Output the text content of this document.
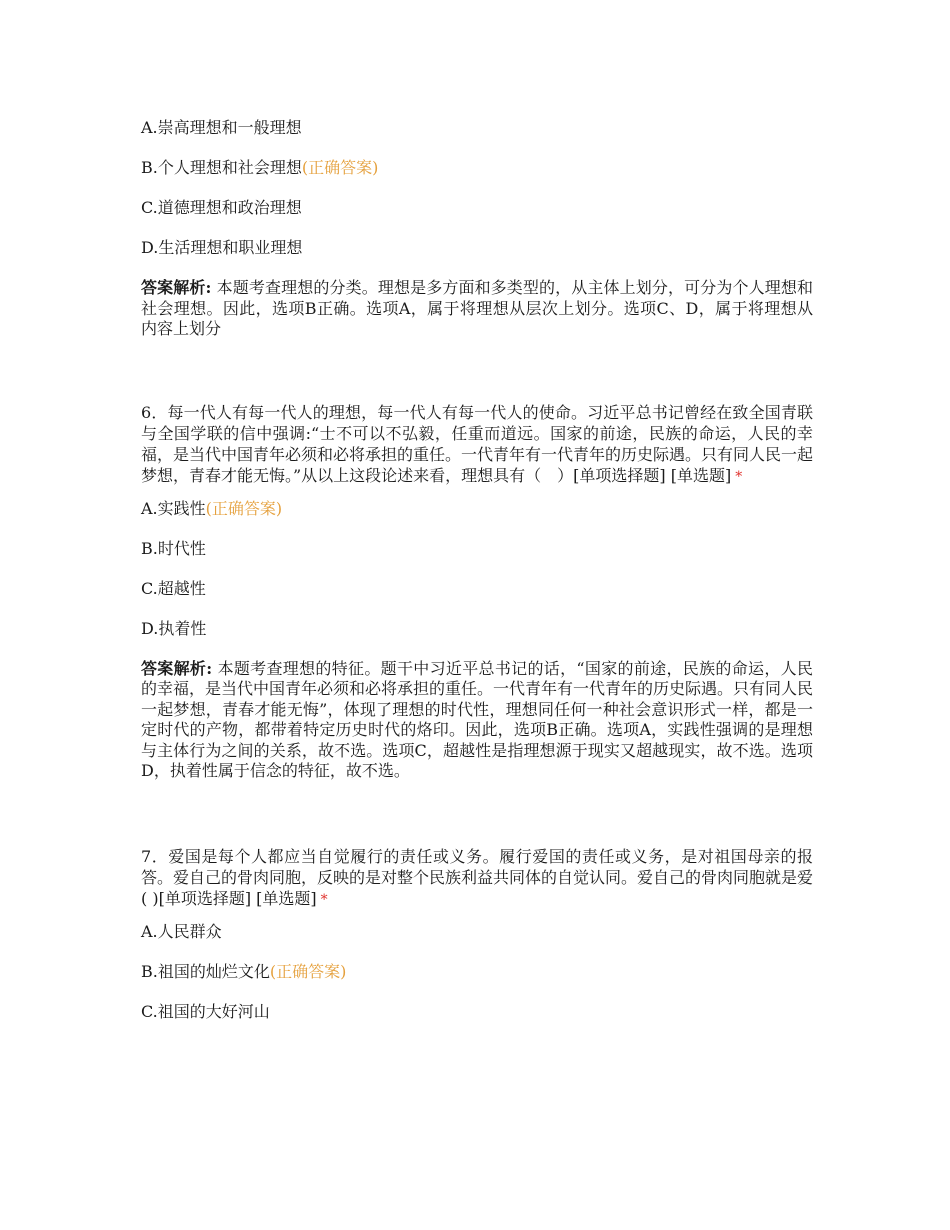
A.崇高理想和一般理想
B.个人理想和社会理想(正确答案)
C.道德理想和政治理想
D.生活理想和职业理想

答案解析: 本题考查理想的分类。理想是多方面和多类型的，从主体上划分，可分为个人理想和社会理想。因此，选项B正确。选项A，属于将理想从层次上划分。选项C、D，属于将理想从内容上划分

6．每一代人有每一代人的理想，每一代人有每一代人的使命。习近平总书记曾经在致全国青联与全国学联的信中强调:“士不可以不弘毅，任重而道远。国家的前途，民族的命运，人民的幸福，是当代中国青年必须和必将承担的重任。一代青年有一代青年的历史际遇。只有同人民一起梦想，青春才能无悔。”从以上这段论述来看，理想具有（　）[单项选择题] [单选题] *

A.实践性(正确答案)
B.时代性
C.超越性
D.执着性

答案解析: 本题考查理想的特征。题干中习近平总书记的话，“国家的前途，民族的命运，人民的幸福，是当代中国青年必须和必将承担的重任。一代青年有一代青年的历史际遇。只有同人民一起梦想，青春才能无悔”，体现了理想的时代性，理想同任何一种社会意识形式一样，都是一定时代的产物，都带着特定历史时代的烙印。因此，选项B正确。选项A，实践性强调的是理想与主体行为之间的关系，故不选。选项C，超越性是指理想源于现实又超越现实，故不选。选项D，执着性属于信念的特征，故不选。

7．爱国是每个人都应当自觉履行的责任或义务。履行爱国的责任或义务，是对祖国母亲的报答。爱自己的骨肉同胞，反映的是对整个民族利益共同体的自觉认同。爱自己的骨肉同胞就是爱( )[单项选择题] [单选题] *

A.人民群众
B.祖国的灿烂文化(正确答案)
C.祖国的大好河山
